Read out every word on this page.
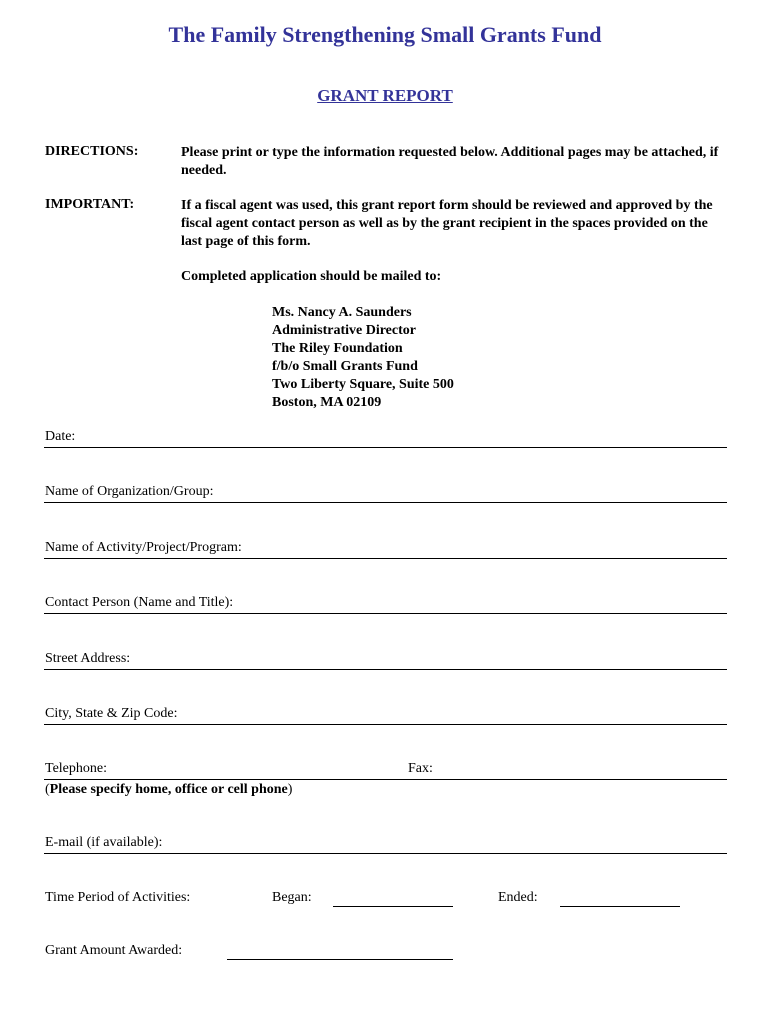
The Family Strengthening Small Grants Fund
GRANT REPORT
DIRECTIONS:	Please print or type the information requested below. Additional pages may be attached, if needed.
IMPORTANT:	If a fiscal agent was used, this grant report form should be reviewed and approved by the fiscal agent contact person as well as by the grant recipient in the spaces provided on the last page of this form.
Completed application should be mailed to:
Ms. Nancy A. Saunders
Administrative Director
The Riley Foundation
f/b/o Small Grants Fund
Two Liberty Square, Suite 500
Boston, MA 02109
Date:
Name of Organization/Group:
Name of Activity/Project/Program:
Contact Person (Name and Title):
Street Address:
City, State & Zip Code:
Telephone:	Fax:
(Please specify home, office or cell phone)
E-mail (if available):
Time Period of Activities:	Began:	Ended:
Grant Amount Awarded:
